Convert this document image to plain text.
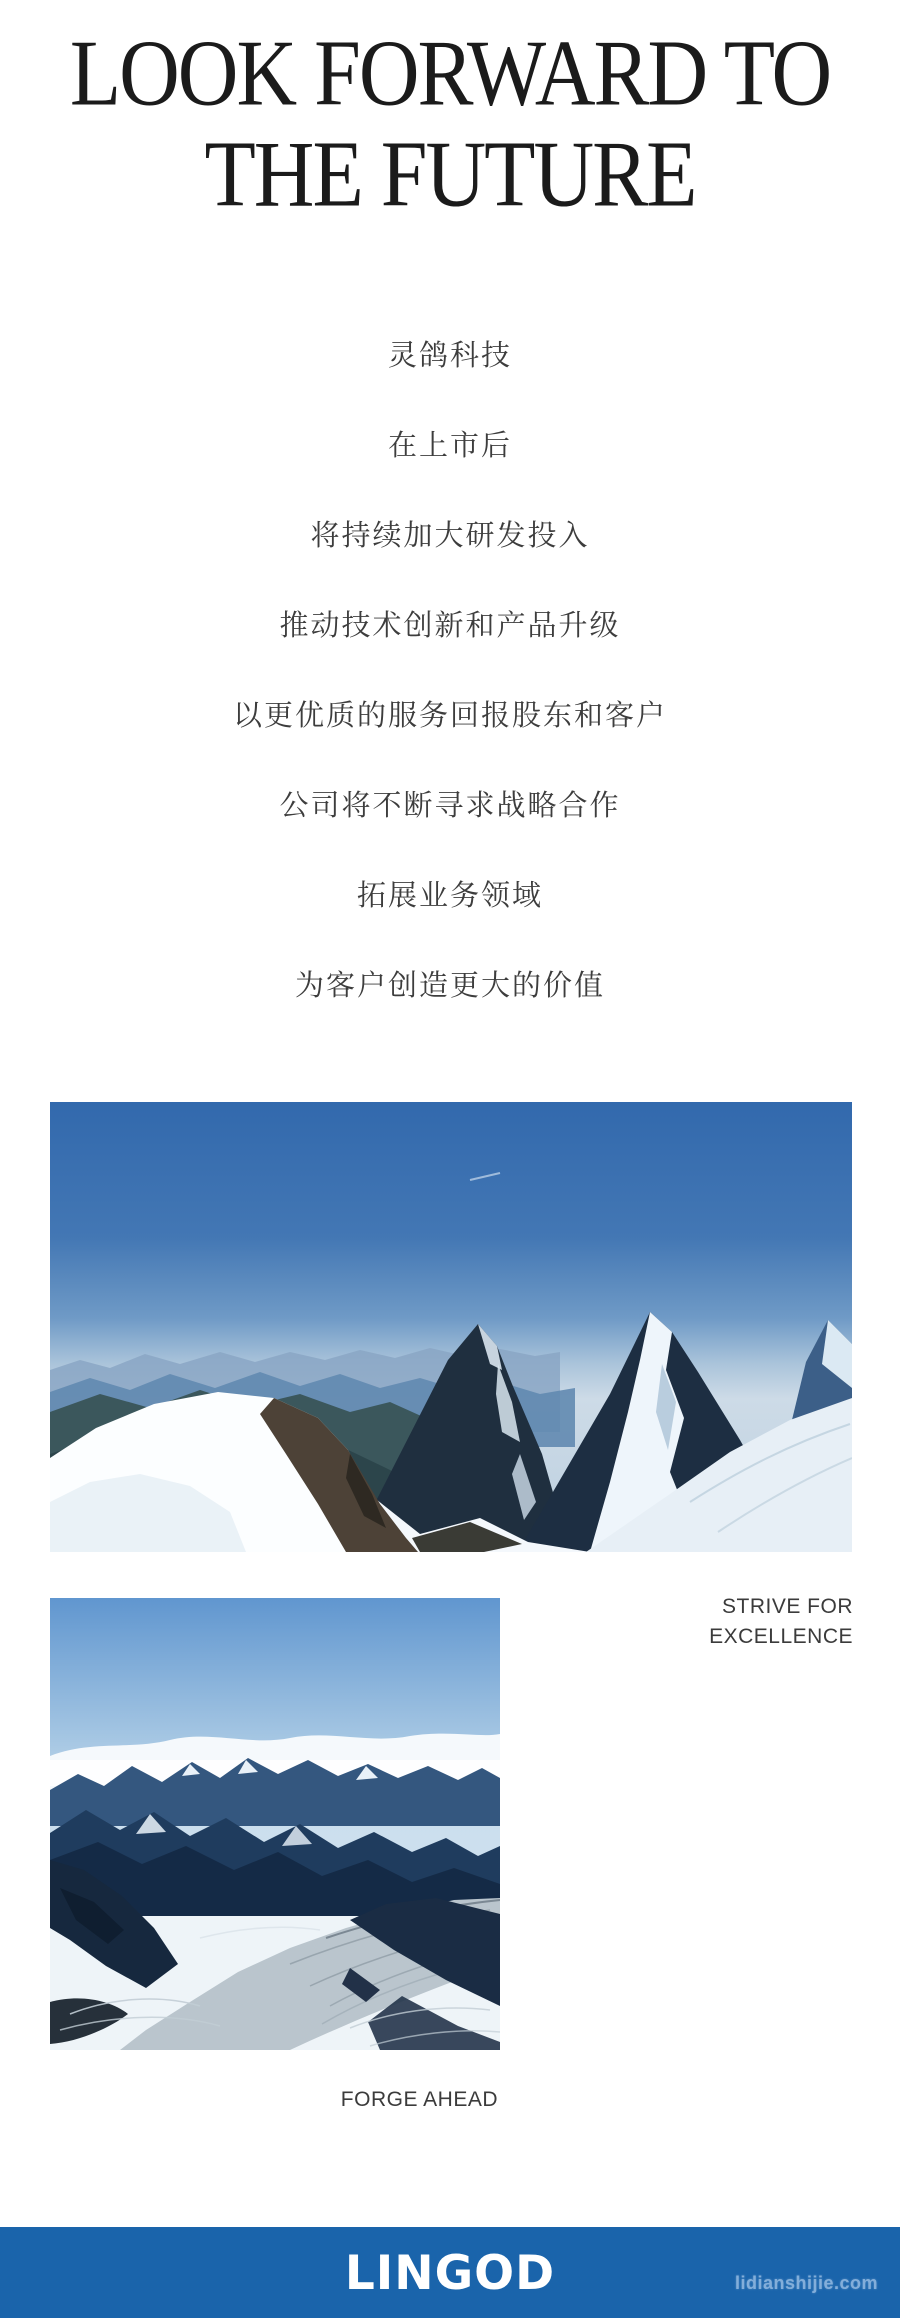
LOOK FORWARD TO
THE FUTURE
灵鸽科技
在上市后
将持续加大研发投入
推动技术创新和产品升级
以更优质的服务回报股东和客户
公司将不断寻求战略合作
拓展业务领域
为客户创造更大的价值
STRIVE FOR
EXCELLENCE
FORGE AHEAD
LINGOD	lidianshijie.com
